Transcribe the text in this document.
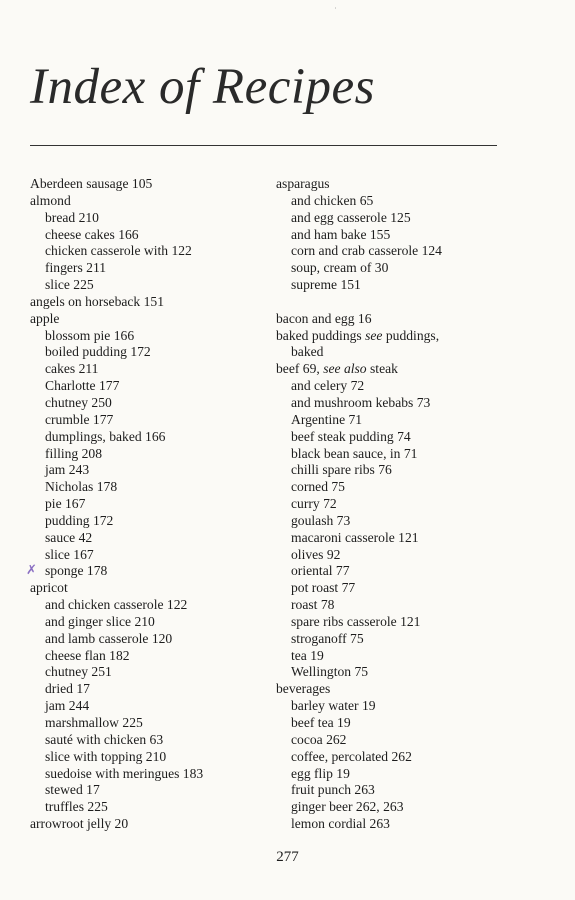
Index of Recipes
Aberdeen sausage 105
almond
bread 210
cheese cakes 166
chicken casserole with 122
fingers 211
slice 225
angels on horseback 151
apple
blossom pie 166
boiled pudding 172
cakes 211
Charlotte 177
chutney 250
crumble 177
dumplings, baked 166
filling 208
jam 243
Nicholas 178
pie 167
pudding 172
sauce 42
slice 167
sponge 178
apricot
and chicken casserole 122
and ginger slice 210
and lamb casserole 120
cheese flan 182
chutney 251
dried 17
jam 244
marshmallow 225
sauté with chicken 63
slice with topping 210
suedoise with meringues 183
stewed 17
truffles 225
arrowroot jelly 20
asparagus
and chicken 65
and egg casserole 125
and ham bake 155
corn and crab casserole 124
soup, cream of 30
supreme 151
bacon and egg 16
baked puddings see puddings,
baked
beef 69, see also steak
and celery 72
and mushroom kebabs 73
Argentine 71
beef steak pudding 74
black bean sauce, in 71
chilli spare ribs 76
corned 75
curry 72
goulash 73
macaroni casserole 121
olives 92
oriental 77
pot roast 77
roast 78
spare ribs casserole 121
stroganoff 75
tea 19
Wellington 75
beverages
barley water 19
beef tea 19
cocoa 262
coffee, percolated 262
egg flip 19
fruit punch 263
ginger beer 262, 263
lemon cordial 263
✗
˙
277
